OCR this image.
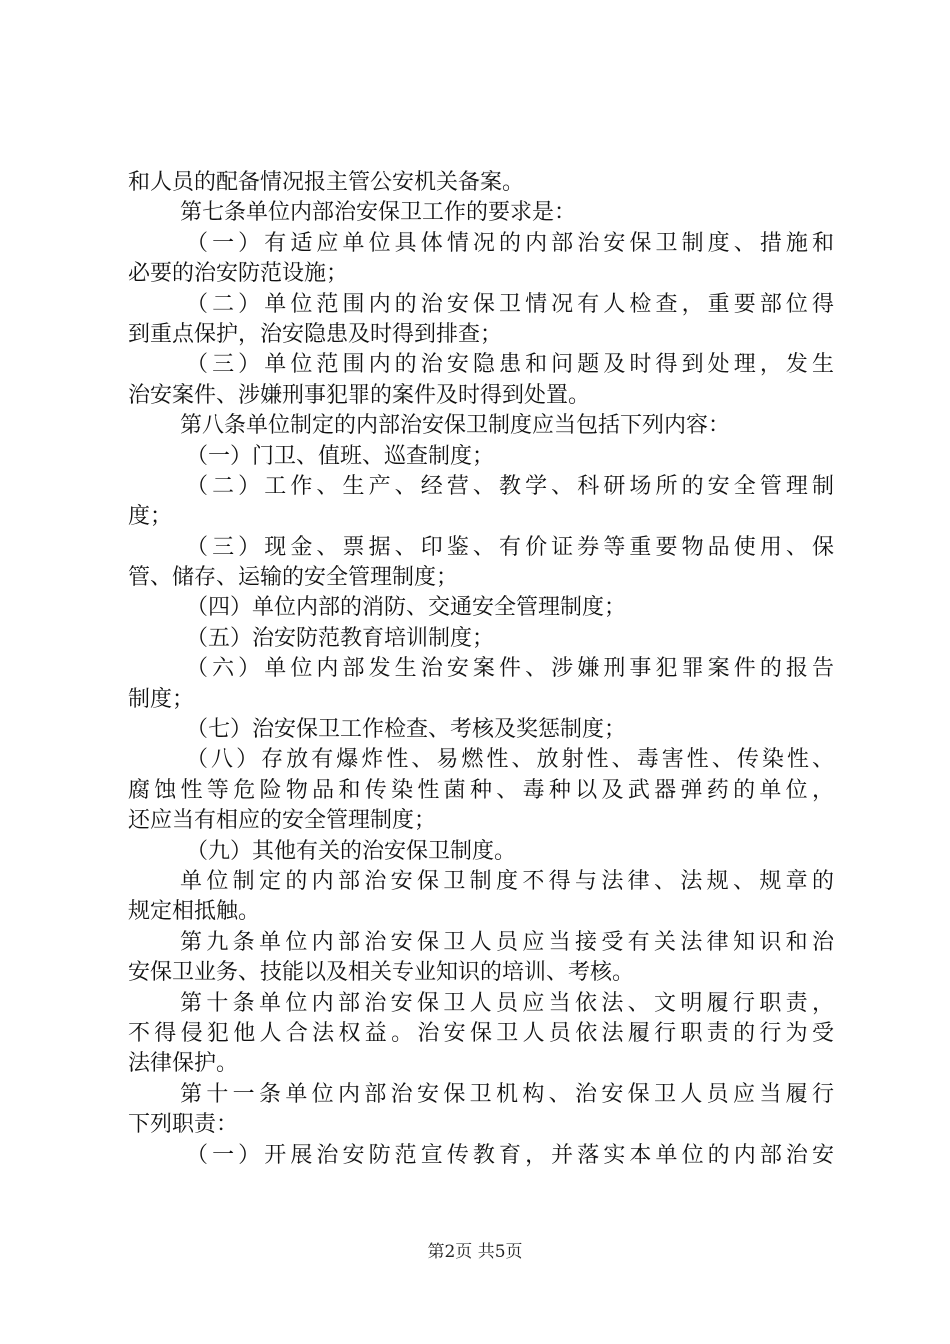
和人员的配备情况报主管公安机关备案。
第七条单位内部治安保卫工作的要求是：
（一）有适应单位具体情况的内部治安保卫制度、措施和
必要的治安防范设施；
（二）单位范围内的治安保卫情况有人检查，重要部位得
到重点保护，治安隐患及时得到排查；
（三）单位范围内的治安隐患和问题及时得到处理，发生
治安案件、涉嫌刑事犯罪的案件及时得到处置。
第八条单位制定的内部治安保卫制度应当包括下列内容：
（一）门卫、值班、巡查制度；
（二）工作、生产、经营、教学、科研场所的安全管理制
度；
（三）现金、票据、印鉴、有价证券等重要物品使用、保
管、储存、运输的安全管理制度；
（四）单位内部的消防、交通安全管理制度；
（五）治安防范教育培训制度；
（六）单位内部发生治安案件、涉嫌刑事犯罪案件的报告
制度；
（七）治安保卫工作检查、考核及奖惩制度；
（八）存放有爆炸性、易燃性、放射性、毒害性、传染性、
腐蚀性等危险物品和传染性菌种、毒种以及武器弹药的单位，
还应当有相应的安全管理制度；
（九）其他有关的治安保卫制度。
单位制定的内部治安保卫制度不得与法律、法规、规章的
规定相抵触。
第九条单位内部治安保卫人员应当接受有关法律知识和治
安保卫业务、技能以及相关专业知识的培训、考核。
第十条单位内部治安保卫人员应当依法、文明履行职责，
不得侵犯他人合法权益。治安保卫人员依法履行职责的行为受
法律保护。
第十一条单位内部治安保卫机构、治安保卫人员应当履行
下列职责：
（一）开展治安防范宣传教育，并落实本单位的内部治安
第2页 共5页
